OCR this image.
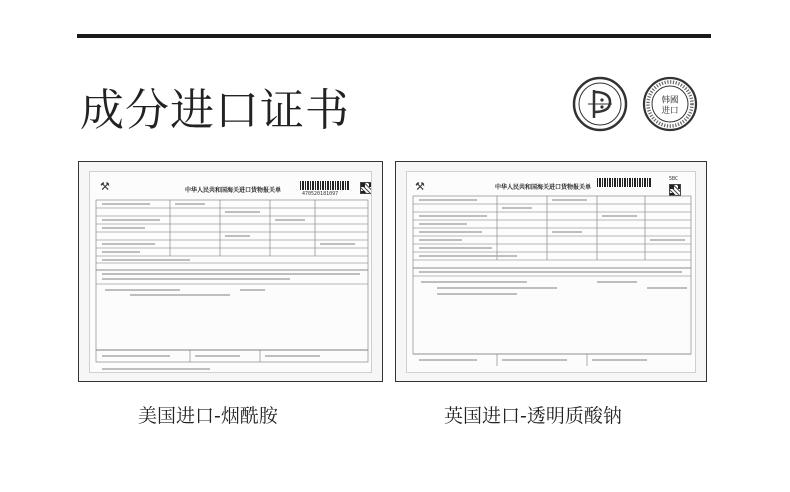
成分进口证书	韩國
进口
⚒	中华人民共和国海关进口货物报关单	470520181097
美国进口-烟酰胺
⚒	中华人民共和国海关进口货物报关单
5BC
英国进口-透明质酸钠
